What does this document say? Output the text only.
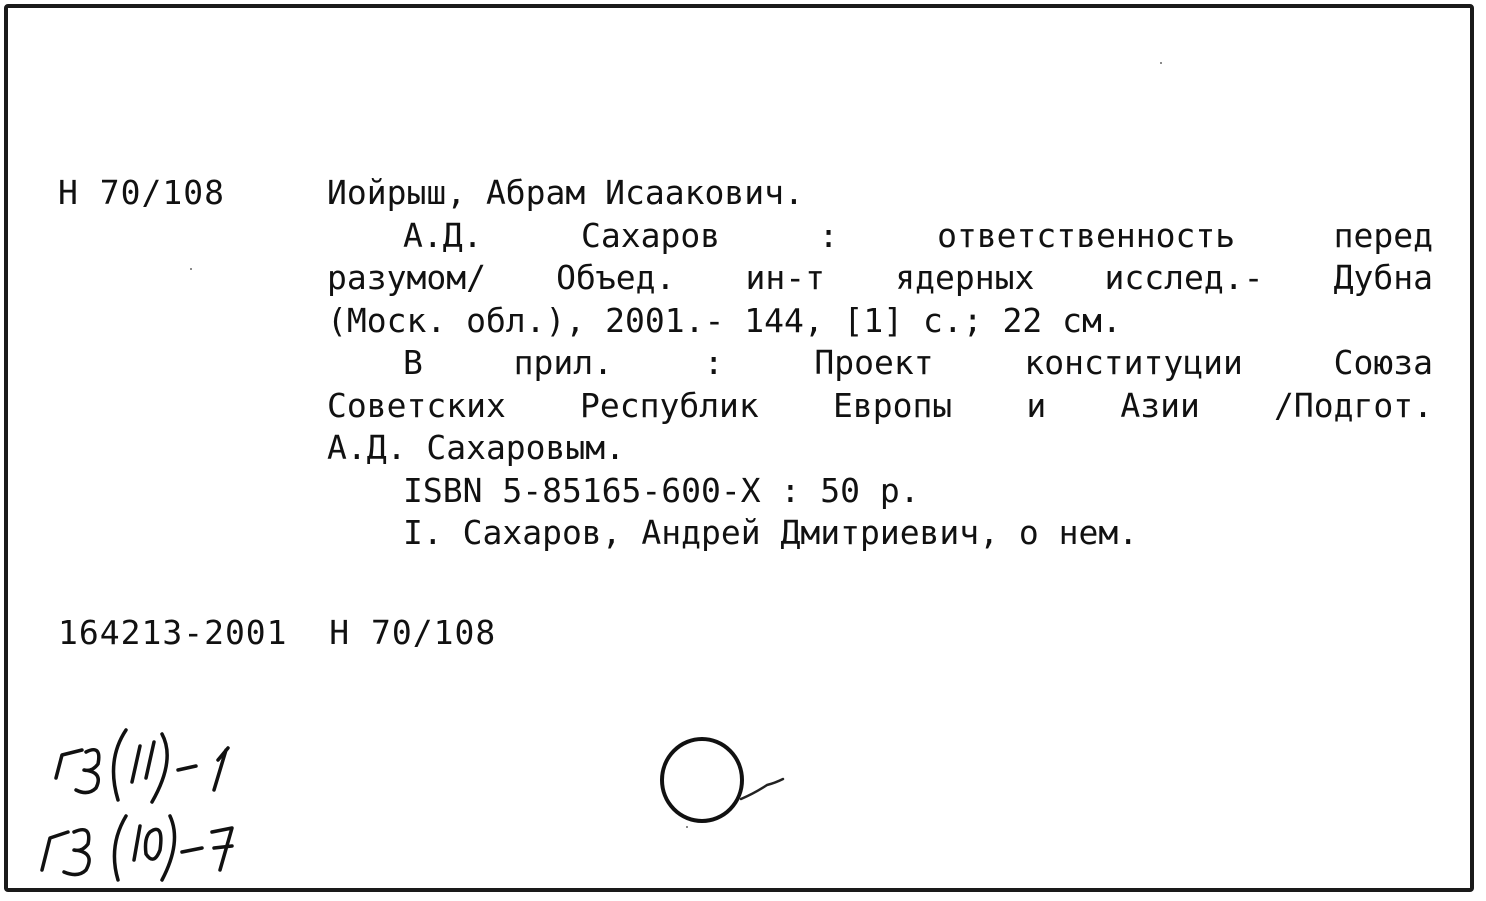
Н 70/108	Иойрыш, Абрам Исаакович.
А.Д. Сахаров : ответственность перед
разумом/ Объед. ин-т ядерных исслед.- Дубна
(Моск. обл.), 2001.- 144, [1] с.; 22 см.
В прил. : Проект конституции Союза
Советских Республик Европы и Азии /Подгот.
А.Д. Сахаровым.
ISBN 5-85165-600-X : 50 р.
I. Сахаров, Андрей Дмитриевич, о нем.
164213-2001  Н 70/108
